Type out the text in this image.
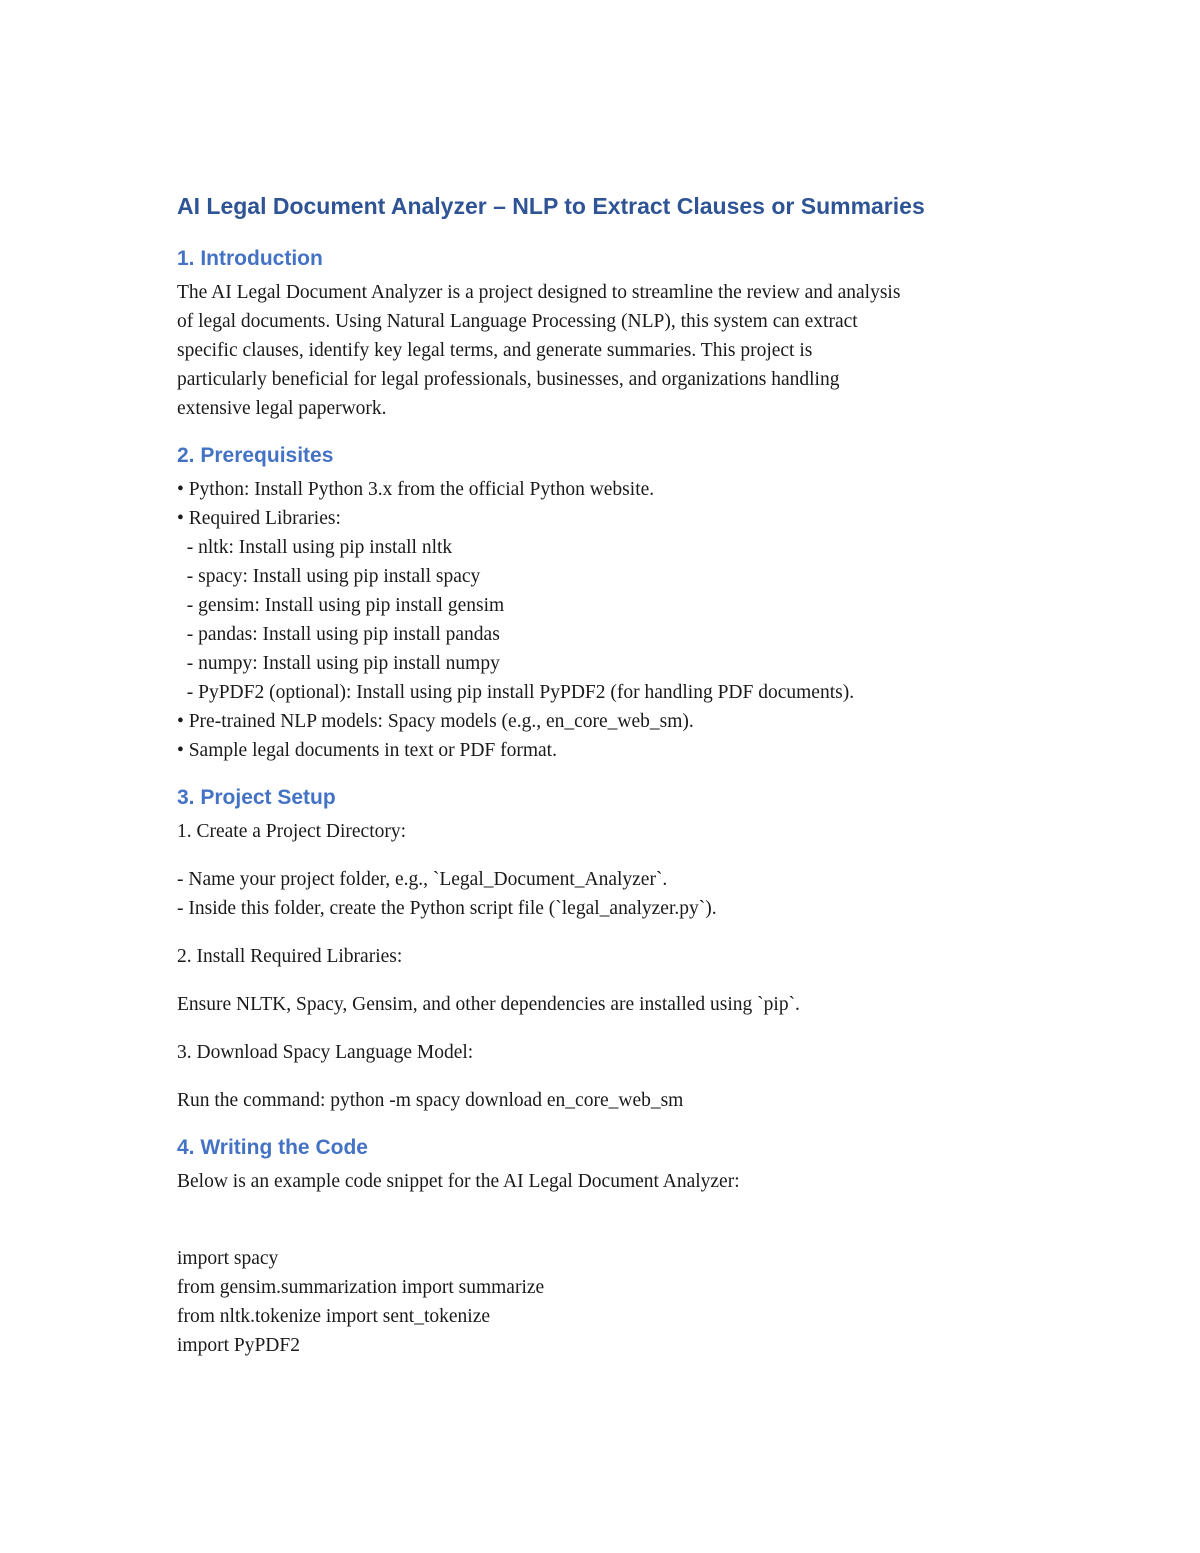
AI Legal Document Analyzer – NLP to Extract Clauses or Summaries
1. Introduction
The AI Legal Document Analyzer is a project designed to streamline the review and analysis
of legal documents. Using Natural Language Processing (NLP), this system can extract
specific clauses, identify key legal terms, and generate summaries. This project is
particularly beneficial for legal professionals, businesses, and organizations handling
extensive legal paperwork.
2. Prerequisites
• Python: Install Python 3.x from the official Python website.
• Required Libraries:
- nltk: Install using pip install nltk
- spacy: Install using pip install spacy
- gensim: Install using pip install gensim
- pandas: Install using pip install pandas
- numpy: Install using pip install numpy
- PyPDF2 (optional): Install using pip install PyPDF2 (for handling PDF documents).
• Pre-trained NLP models: Spacy models (e.g., en_core_web_sm).
• Sample legal documents in text or PDF format.
3. Project Setup
1. Create a Project Directory:
- Name your project folder, e.g., `Legal_Document_Analyzer`.
- Inside this folder, create the Python script file (`legal_analyzer.py`).
2. Install Required Libraries:
Ensure NLTK, Spacy, Gensim, and other dependencies are installed using `pip`.
3. Download Spacy Language Model:
Run the command: python -m spacy download en_core_web_sm
4. Writing the Code
Below is an example code snippet for the AI Legal Document Analyzer:
import spacy
from gensim.summarization import summarize
from nltk.tokenize import sent_tokenize
import PyPDF2
